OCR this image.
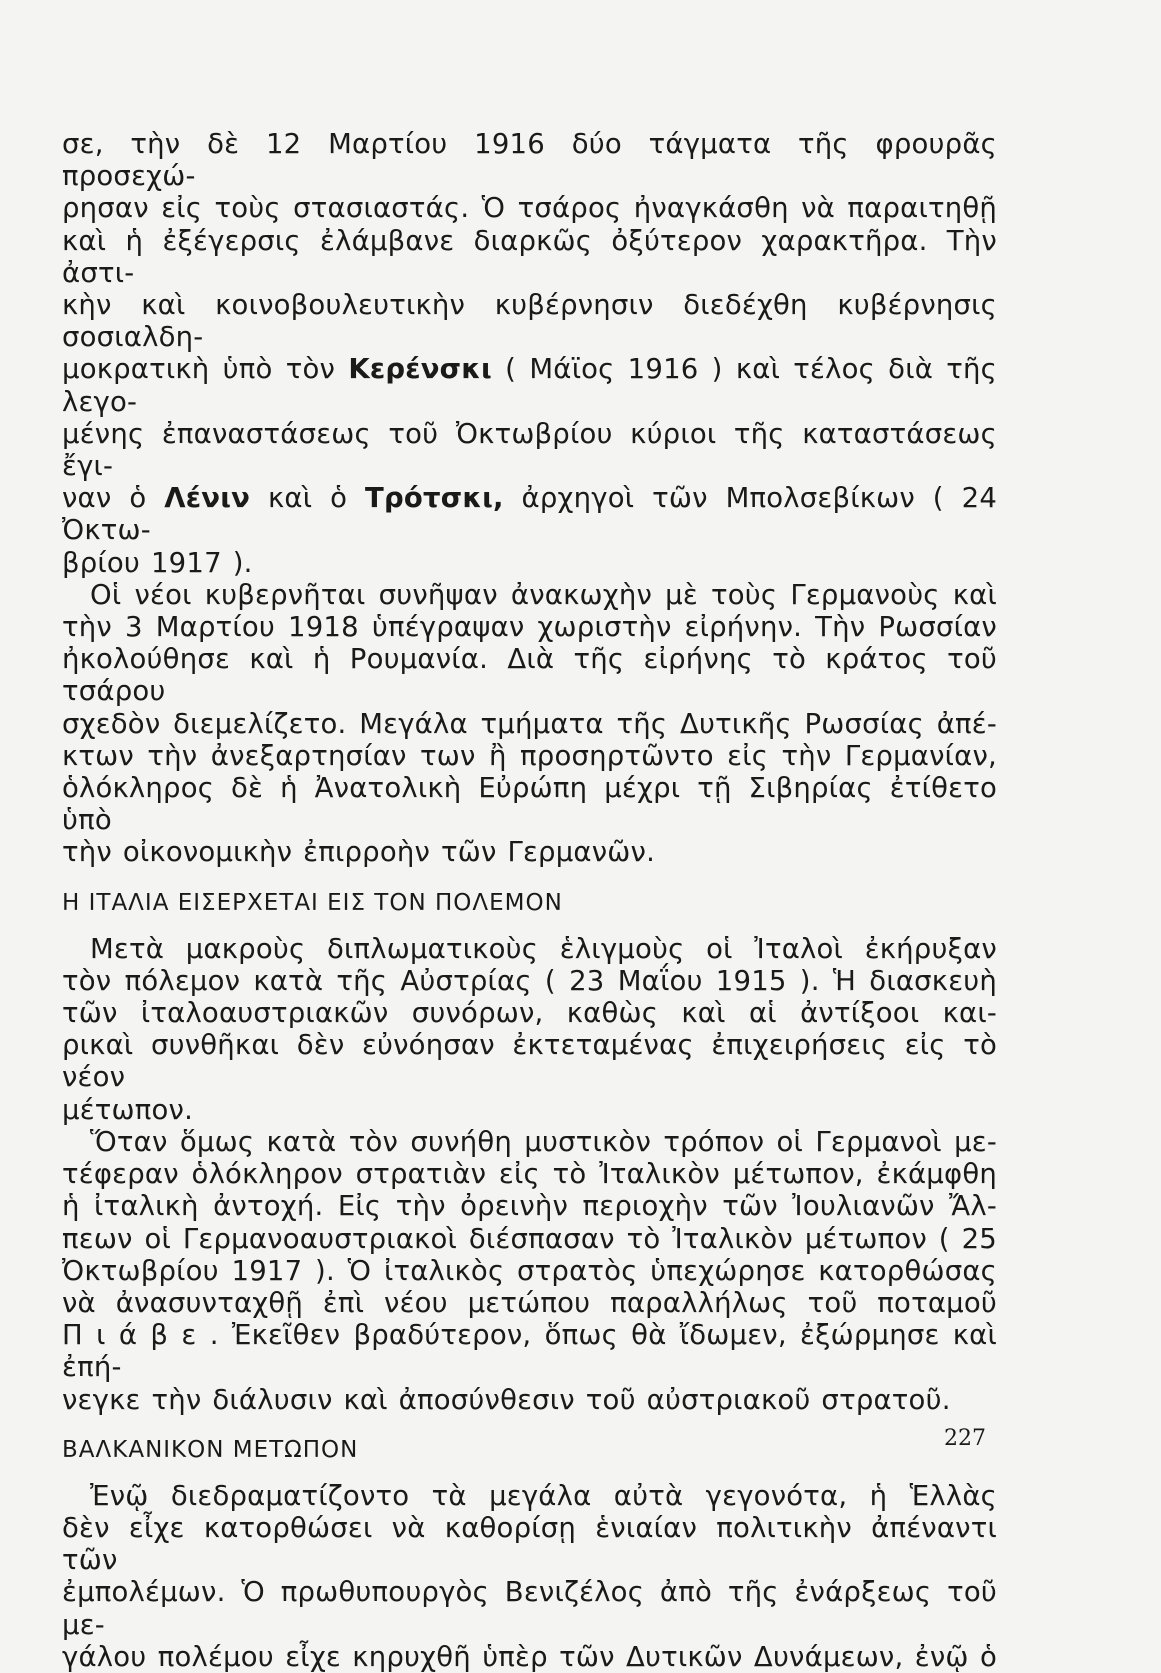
σε, τὴν δὲ 12 Μαρτίου 1916 δύο τάγματα τῆς φρουρᾶς προσεχώ-

ρησαν εἰς τοὺς στασιαστάς. Ὁ τσάρος ἠναγκάσθη νὰ παραιτηθῇ

καὶ ἡ ἐξέγερσις ἐλάμβανε διαρκῶς ὀξύτερον χαρακτῆρα. Τὴν ἀστι-

κὴν καὶ κοινοβουλευτικὴν κυβέρνησιν διεδέχθη κυβέρνησις σοσιαλδη-

μοκρατικὴ ὑπὸ τὸν Κερένσκι ( Μάϊος 1916 ) καὶ τέλος διὰ τῆς λεγο-

μένης ἐπαναστάσεως τοῦ Ὀκτωβρίου κύριοι τῆς καταστάσεως ἔγι-

ναν ὁ Λένιν καὶ ὁ Τρότσκι, ἀρχηγοὶ τῶν Μπολσεβίκων ( 24 Ὀκτω-

βρίου 1917 ).

Οἱ νέοι κυβερνῆται συνῆψαν ἀνακωχὴν μὲ τοὺς Γερμανοὺς καὶ

τὴν 3 Μαρτίου 1918 ὑπέγραψαν χωριστὴν εἰρήνην. Τὴν Ρωσσίαν

ἠκολούθησε καὶ ἡ Ρουμανία. Διὰ τῆς εἰρήνης τὸ κράτος τοῦ τσάρου

σχεδὸν διεμελίζετο. Μεγάλα τμήματα τῆς Δυτικῆς Ρωσσίας ἀπέ-

κτων τὴν ἀνεξαρτησίαν των ἢ προσηρτῶντο εἰς τὴν Γερμανίαν,

ὁλόκληρος δὲ ἡ Ἀνατολικὴ Εὐρώπη μέχρι τῇ Σιβηρίας ἐτίθετο ὑπὸ

τὴν οἰκονομικὴν ἐπιρροὴν τῶν Γερμανῶν.

Η ΙΤΑΛΙΑ ΕΙΣΕΡΧΕΤΑΙ ΕΙΣ ΤΟΝ ΠΟΛΕΜΟΝ

Μετὰ μακροὺς διπλωματικοὺς ἑλιγμοὺς οἱ Ἰταλοὶ ἐκήρυξαν

τὸν πόλεμον κατὰ τῆς Αὐστρίας ( 23 Μαΐου 1915 ). Ἡ διασκευὴ

τῶν ἰταλοαυστριακῶν συνόρων, καθὼς καὶ αἱ ἀντίξοοι και-

ρικαὶ συνθῆκαι δὲν εὐνόησαν ἐκτεταμένας ἐπιχειρήσεις εἰς τὸ νέον

μέτωπον.

Ὅταν ὅμως κατὰ τὸν συνήθη μυστικὸν τρόπον οἱ Γερμανοὶ με-

τέφεραν ὁλόκληρον στρατιὰν εἰς τὸ Ἰταλικὸν μέτωπον, ἐκάμφθη

ἡ ἰταλικὴ ἀντοχή. Εἰς τὴν ὀρεινὴν περιοχὴν τῶν Ἰουλιανῶν Ἄλ-

πεων οἱ Γερμανοαυστριακοὶ διέσπασαν τὸ Ἰταλικὸν μέτωπον ( 25

Ὀκτωβρίου 1917 ). Ὁ ἰταλικὸς στρατὸς ὑπεχώρησε κατορθώσας

νὰ ἀνασυνταχθῇ ἐπὶ νέου μετώπου παραλλήλως τοῦ ποταμοῦ

Π ι ά β ε . Ἐκεῖθεν βραδύτερον, ὅπως θὰ ἴδωμεν, ἐξώρμησε καὶ ἐπή-

νεγκε τὴν διάλυσιν καὶ ἀποσύνθεσιν τοῦ αὐστριακοῦ στρατοῦ.

ΒΑΛΚΑΝΙΚΟΝ ΜΕΤΩΠΟΝ

Ἐνῷ διεδραματίζοντο τὰ μεγάλα αὐτὰ γεγονότα, ἡ Ἑλλὰς

δὲν εἶχε κατορθώσει νὰ καθορίσῃ ἑνιαίαν πολιτικὴν ἀπέναντι τῶν

ἐμπολέμων. Ὁ πρωθυπουργὸς Βενιζέλος ἀπὸ τῆς ἐνάρξεως τοῦ με-

γάλου πολέμου εἶχε κηρυχθῆ ὑπὲρ τῶν Δυτικῶν Δυνάμεων, ἐνῷ ὁ

227
